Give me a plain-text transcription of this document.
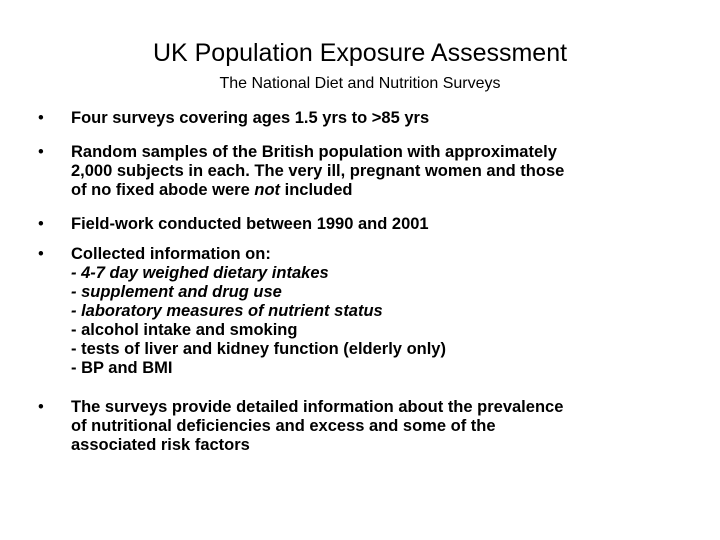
UK Population Exposure Assessment
The National Diet and Nutrition Surveys
• Four surveys covering ages 1.5 yrs to >85 yrs
• Random samples of the British population with approximately
2,000 subjects in each. The very ill, pregnant women and those
of no fixed abode were not included
• Field-work conducted between 1990 and 2001
• Collected information on:
- 4-7 day weighed dietary intakes
- supplement and drug use
- laboratory measures of nutrient status
- alcohol intake and smoking
- tests of liver and kidney function (elderly only)
- BP and BMI
• The surveys provide detailed information about the prevalence
of nutritional deficiencies and excess and some of the
associated risk factors
